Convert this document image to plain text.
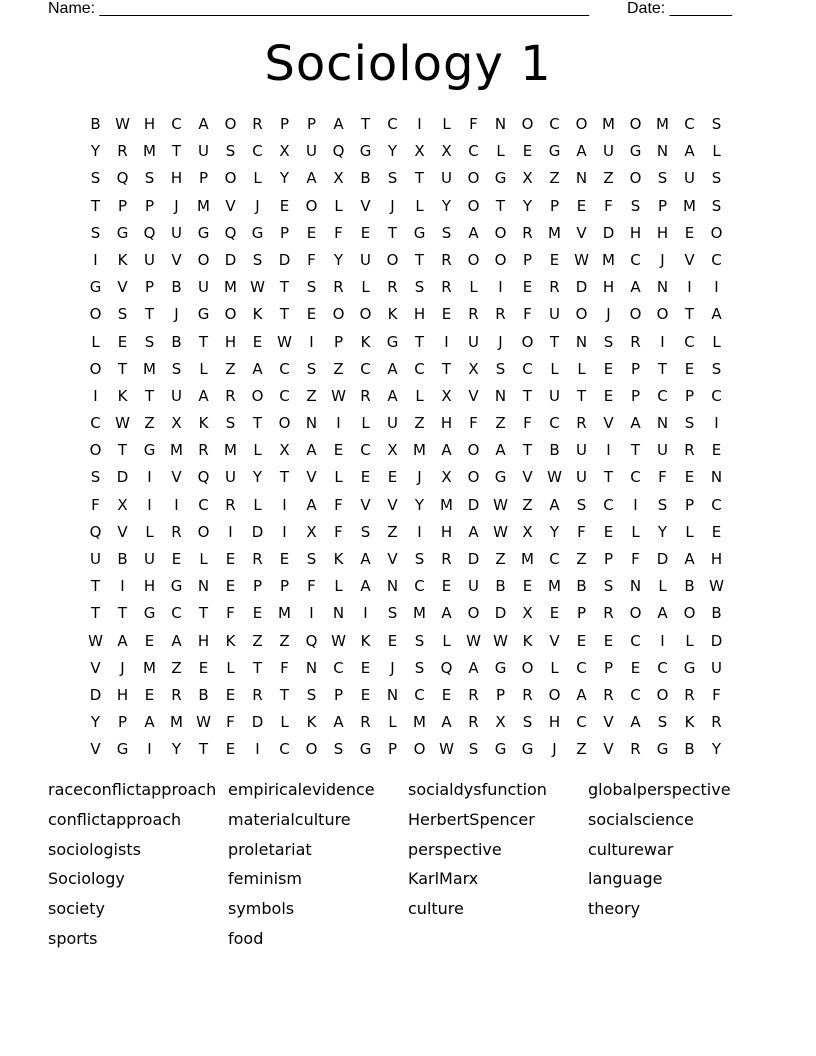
Name: _______________________________________________________ Date: _______
Sociology 1
B W H	C	A	O	R	P	P	A	T	C	I	L	F	N	O	C	O M O M	C	S
Y	R	M	T	U	S	C	X	U	Q	G	Y	X	X	C	L	E	G	A	U	G	N	A	L
S	Q	S	H	P	O	L	Y	A	X	B	S	T	U	O	G	X	Z	N	Z	O	S	U	S
T	P	P	J	M	V	J	E	O	L	V	J	L	Y	O	T	Y	P	E	F	S	P	M	S
S	G	Q	U	G	Q	G	P	E	F	E	T	G	S	A	O	R	M	V	D	H	H	E	O
I	K	U	V	O	D	S	D	F	Y	U	O	T	R	O	O	P	E W M	C	J	V	C
G	V	P	B	U	M W T	S	R	L	R	S	R	L	I	E	R	D	H	A	N	I	I
O	S	T	J	G	O	K	T	E	O	O	K	H	E	R	R	F	U	O	J	O	O	T	A
L	E	S	B	T	H	E W	I	P	K	G	T	I	U	J	O	T	N	S	R	I	C	L
O	T	M	S	L	Z	A	C	S	Z	C	A	C	T	X	S	C	L	L	E	P	T	E	S
I	K	T	U	A	R	O	C	Z W R	A	L	X	V	N	T	U	T	E	P	C	P	C
C W Z	X	K	S	T	O	N	I	L	U	Z	H	F	Z	F	C	R	V	A	N	S	I
O	T	G M	R	M	L	X	A	E	C	X	M	A	O	A	T	B	U	I	T	U	R	E
S	D	I	V	Q	U	Y	T	V	L	E	E	J	X	O	G	V W U	T	C	F	E	N
F	X	I	I	C	R	L	I	A	F	V	V	Y	M D W Z	A	S	C	I	S	P	C
Q	V	L	R	O	I	D	I	X	F	S	Z	I	H	A W X	Y	F	E	L	Y	L	E
U	B	U	E	L	E	R	E	S	K	A	V	S	R	D	Z	M	C	Z	P	F	D	A	H
T	I	H	G	N	E	P	P	F	L	A	N	C	E	U	B	E	M	B	S	N	L	B W
T	T	G	C	T	F	E	M	I	N	I	S	M	A	O	D	X	E	P	R	O	A	O	B
W A	E	A	H	K	Z	Z	Q W K	E	S	L	W W K	V	E	E	C	I	L	D
V	J	M	Z	E	L	T	F	N	C	E	J	S	Q	A	G	O	L	C	P	E	C	G	U
D	H	E	R	B	E	R	T	S	P	E	N	C	E	R	P	R	O	A	R	C	O	R	F
Y	P	A	M W	F	D	L	K	A	R	L	M	A	R	X	S	H	C	V	A	S	K	R
V	G	I	Y	T	E	I	C	O	S	G	P	O W S	G	G	J	Z	V	R	G	B	Y
raceconflictapproach empiricalevidence	socialdysfunction	globalperspective
conflictapproach	materialculture	HerbertSpencer	socialscience
sociologists	proletariat	perspective	culturewar
Sociology	feminism	KarlMarx	language
society	symbols	culture	theory
sports	food
